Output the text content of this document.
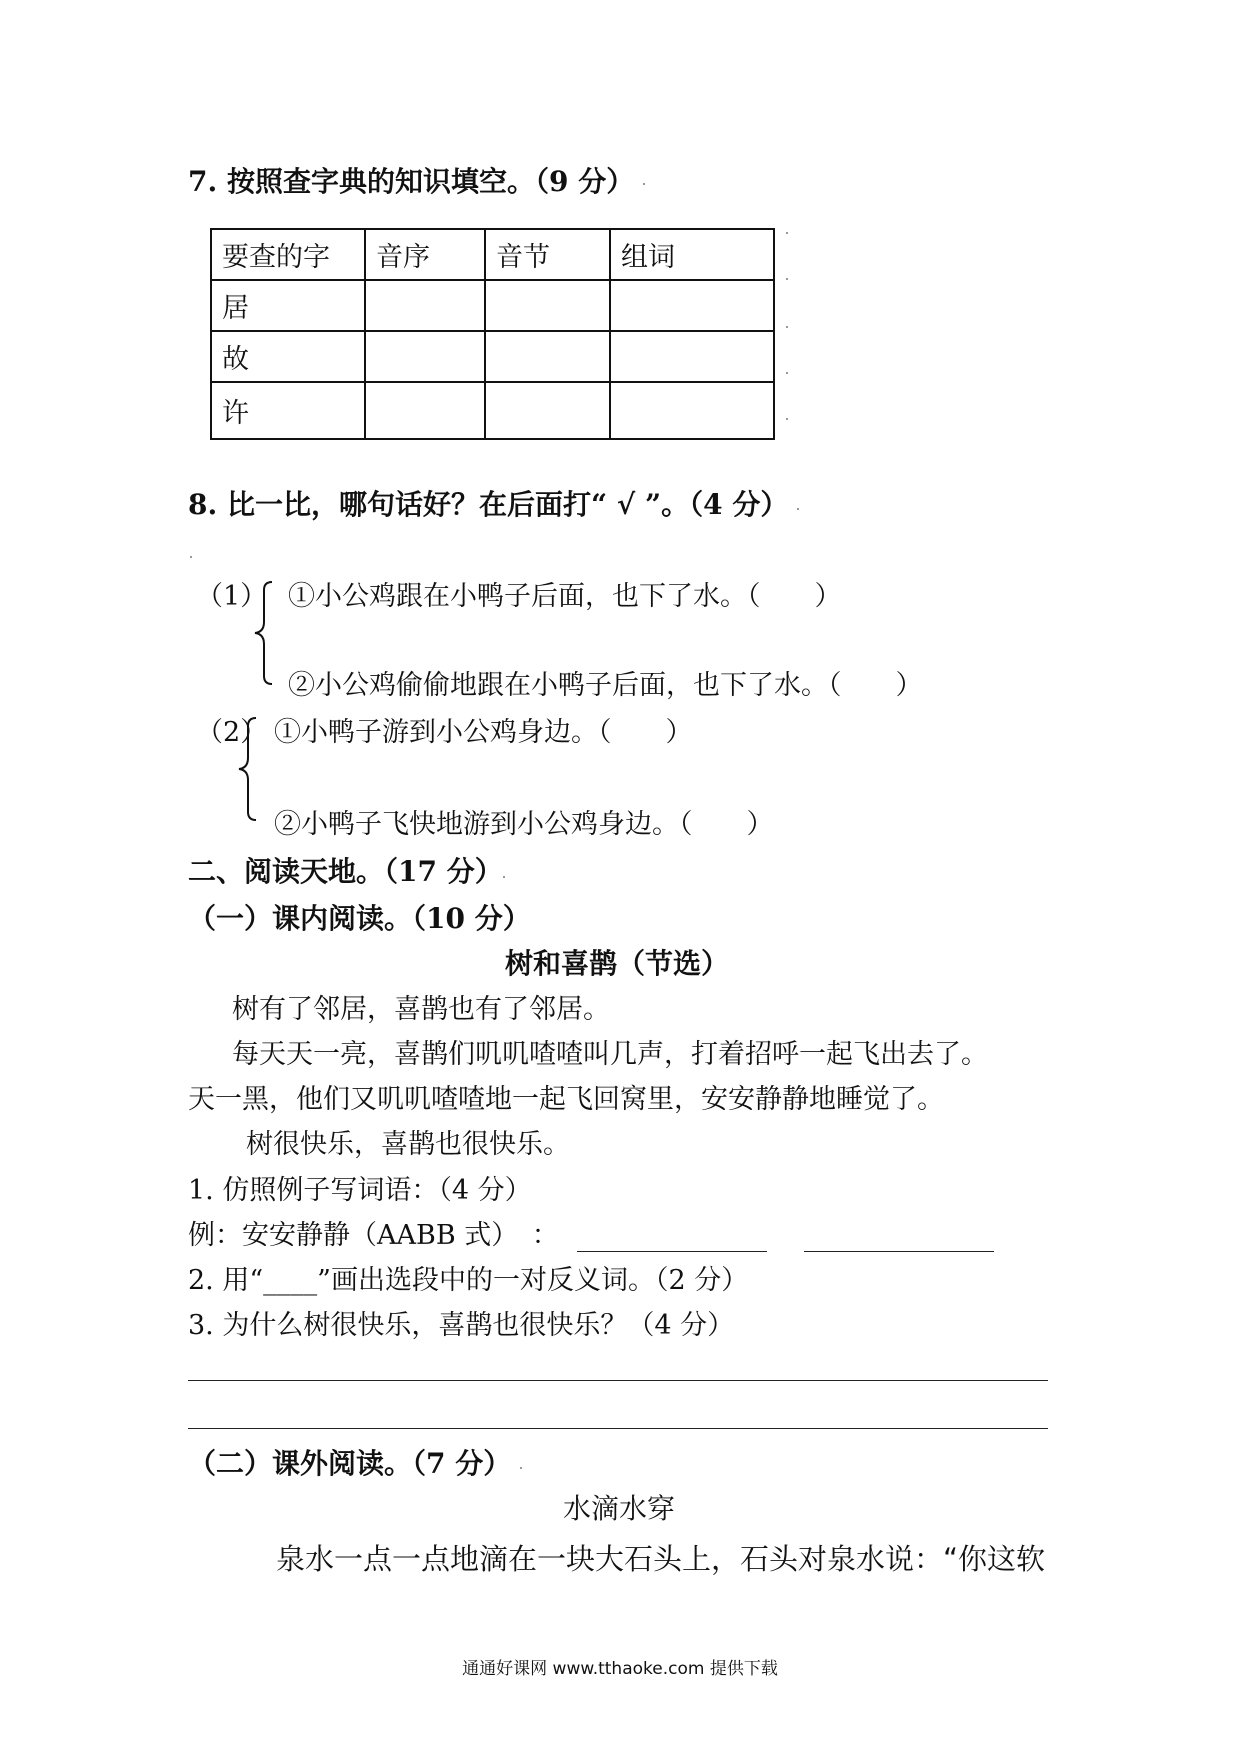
7. 按照查字典的知识填空。（9 分）
要查的字	音序	音节	组词
居			
故			
许			
8. 比一比，哪句话好？在后面打“ √ ”。（4 分）
（1） ①小公鸡跟在小鸭子后面，也下了水。（　　）
②小公鸡偷偷地跟在小鸭子后面，也下了水。（　　）
（2） ①小鸭子游到小公鸡身边。（　　）
②小鸭子飞快地游到小公鸡身边。（　　）
二、阅读天地。（17 分）
（一）课内阅读。（10 分）
树和喜鹊（节选）
树有了邻居，喜鹊也有了邻居。
每天天一亮，喜鹊们叽叽喳喳叫几声，打着招呼一起飞出去了。
天一黑，他们又叽叽喳喳地一起飞回窝里，安安静静地睡觉了。
树很快乐，喜鹊也很快乐。
1. 仿照例子写词语：（4 分）
例：安安静静（AABB 式）　：
2. 用“____”画出选段中的一对反义词。（2 分）
3. 为什么树很快乐，喜鹊也很快乐？（4 分）
（二）课外阅读。（7 分）
水滴水穿
泉水一点一点地滴在一块大石头上，石头对泉水说：“你这软
通通好课网 www.tthaoke.com 提供下载
